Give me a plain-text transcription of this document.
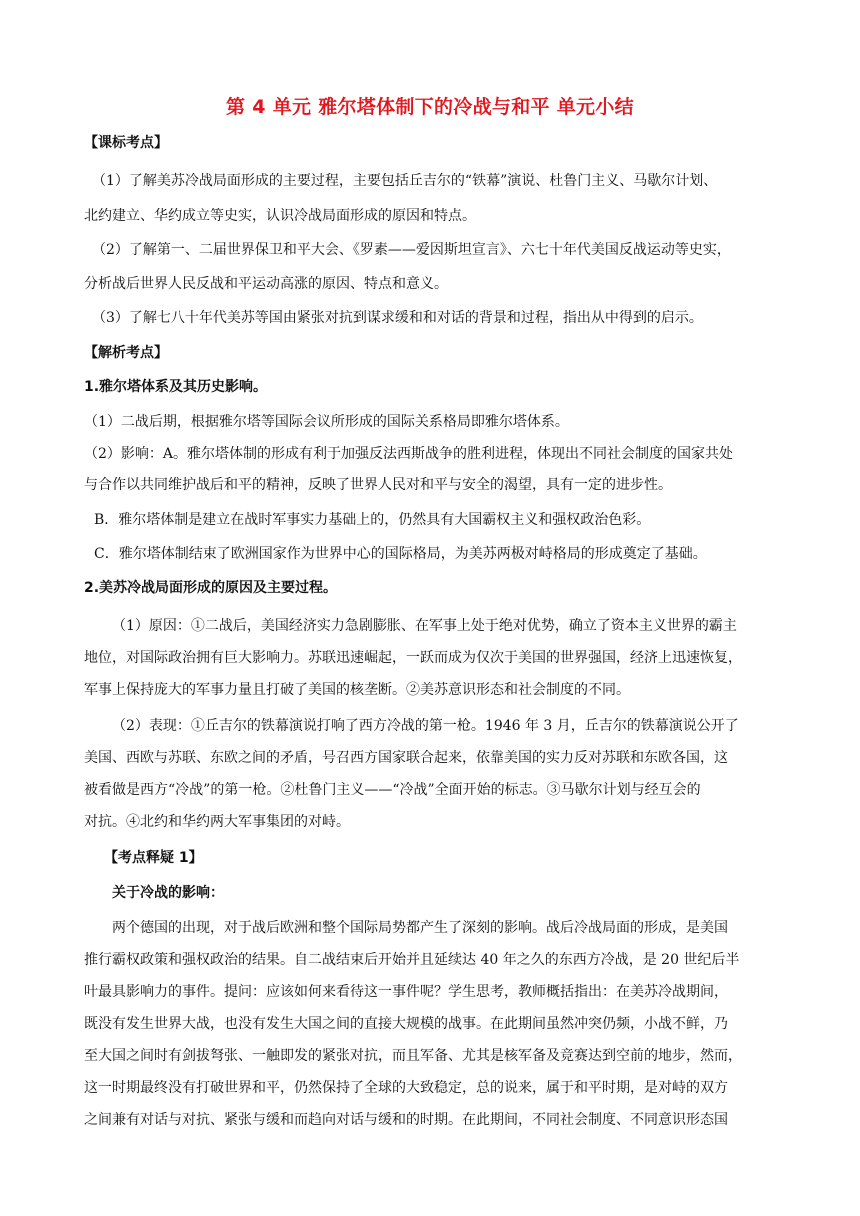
第 4 单元 雅尔塔体制下的冷战与和平 单元小结
【课标考点】
（1）了解美苏冷战局面形成的主要过程，主要包括丘吉尔的“铁幕”演说、杜鲁门主义、马歇尔计划、
北约建立、华约成立等史实，认识冷战局面形成的原因和特点。
（2）了解第一、二届世界保卫和平大会、《罗素——爱因斯坦宣言》、六七十年代美国反战运动等史实，
分析战后世界人民反战和平运动高涨的原因、特点和意义。
（3）了解七八十年代美苏等国由紧张对抗到谋求缓和和对话的背景和过程，指出从中得到的启示。
【解析考点】
1.雅尔塔体系及其历史影响。
（1）二战后期，根据雅尔塔等国际会议所形成的国际关系格局即雅尔塔体系。
（2）影响：A。雅尔塔体制的形成有利于加强反法西斯战争的胜利进程，体现出不同社会制度的国家共处
与合作以共同维护战后和平的精神，反映了世界人民对和平与安全的渴望，具有一定的进步性。
B．雅尔塔体制是建立在战时军事实力基础上的，仍然具有大国霸权主义和强权政治色彩。
C．雅尔塔体制结束了欧洲国家作为世界中心的国际格局，为美苏两极对峙格局的形成奠定了基础。
2.美苏冷战局面形成的原因及主要过程。
（1）原因：①二战后，美国经济实力急剧膨胀、在军事上处于绝对优势，确立了资本主义世界的霸主
地位，对国际政治拥有巨大影响力。苏联迅速崛起，一跃而成为仅次于美国的世界强国，经济上迅速恢复，
军事上保持庞大的军事力量且打破了美国的核垄断。②美苏意识形态和社会制度的不同。
（2）表现：①丘吉尔的铁幕演说打响了西方冷战的第一枪。1946 年 3 月，丘吉尔的铁幕演说公开了
美国、西欧与苏联、东欧之间的矛盾，号召西方国家联合起来，依靠美国的实力反对苏联和东欧各国，这
被看做是西方“冷战”的第一枪。②杜鲁门主义——“冷战”全面开始的标志。③马歇尔计划与经互会的
对抗。④北约和华约两大军事集团的对峙。
【考点释疑 1】
关于冷战的影响：
两个德国的出现，对于战后欧洲和整个国际局势都产生了深刻的影响。战后冷战局面的形成，是美国
推行霸权政策和强权政治的结果。自二战结束后开始并且延续达 40 年之久的东西方冷战，是 20 世纪后半
叶最具影响力的事件。提问：应该如何来看待这一事件呢？学生思考，教师概括指出：在美苏冷战期间，
既没有发生世界大战，也没有发生大国之间的直接大规模的战事。在此期间虽然冲突仍频，小战不鲜，乃
至大国之间时有剑拔弩张、一触即发的紧张对抗，而且军备、尤其是核军备及竞赛达到空前的地步，然而，
这一时期最终没有打破世界和平，仍然保持了全球的大致稳定，总的说来，属于和平时期，是对峙的双方
之间兼有对话与对抗、紧张与缓和而趋向对话与缓和的时期。在此期间，不同社会制度、不同意识形态国
